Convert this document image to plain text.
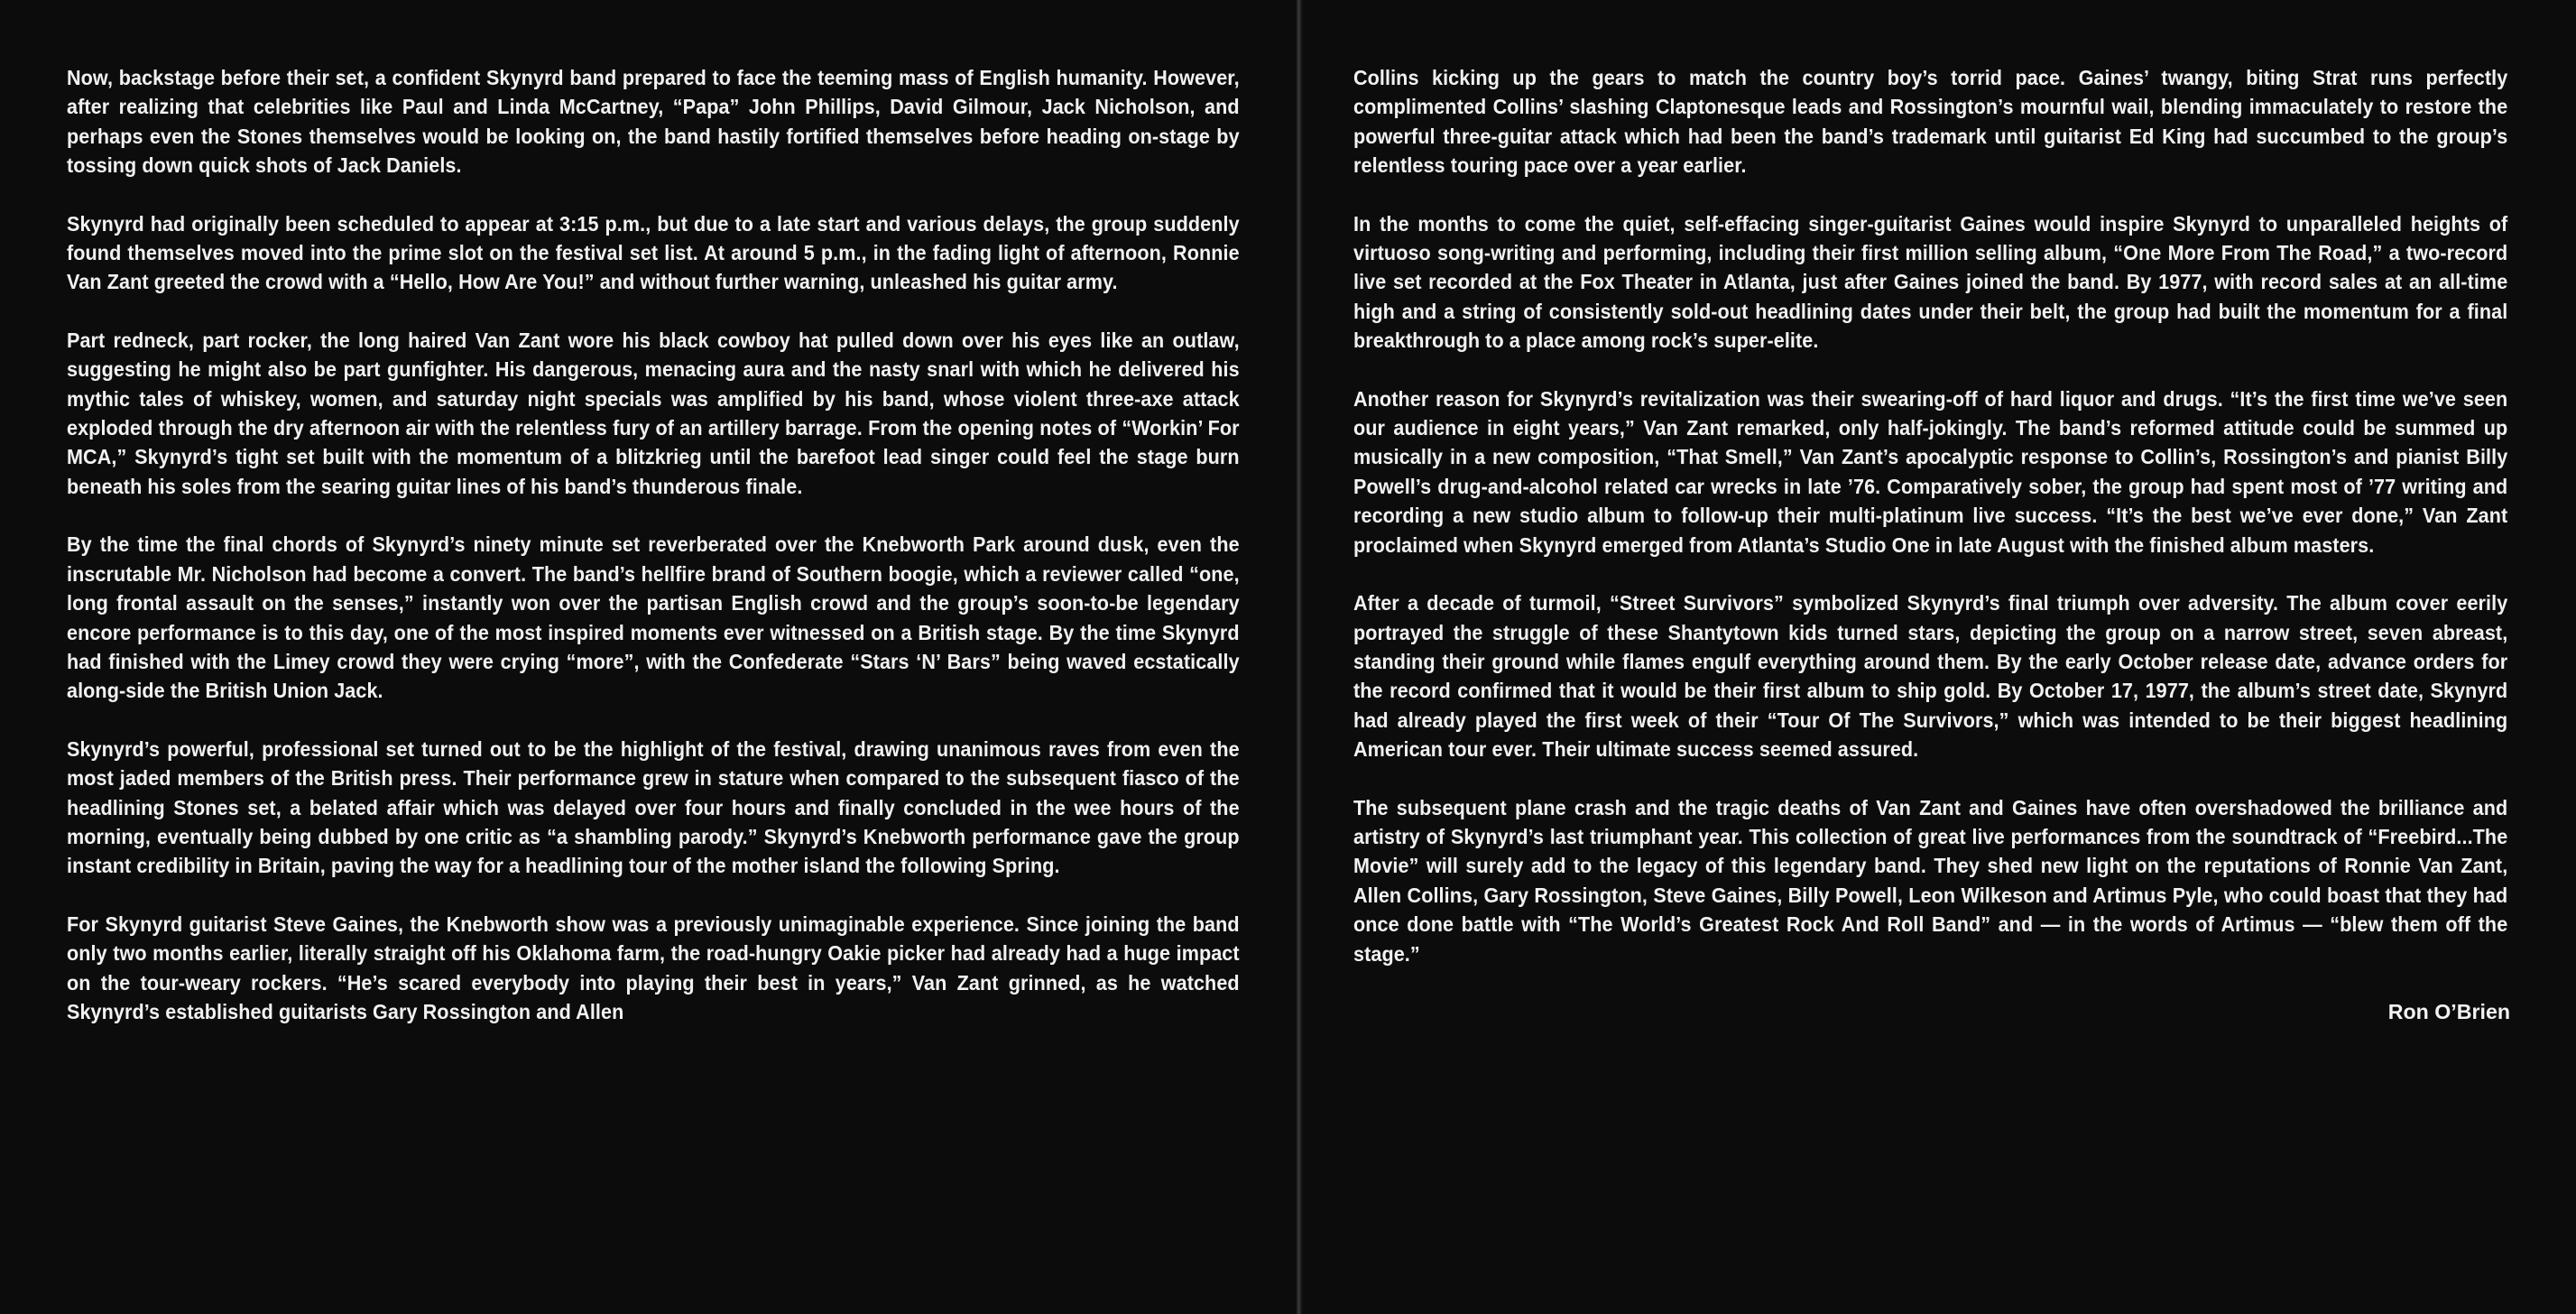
Now, backstage before their set, a confident Skynyrd band prepared to face the teeming mass of English humanity. However, after realizing that celebrities like Paul and Linda McCartney, “Papa” John Phillips, David Gilmour, Jack Nicholson, and perhaps even the Stones themselves would be looking on, the band hastily fortified themselves before heading on-stage by tossing down quick shots of Jack Daniels.

Skynyrd had originally been scheduled to appear at 3:15 p.m., but due to a late start and various delays, the group suddenly found themselves moved into the prime slot on the festival set list. At around 5 p.m., in the fading light of afternoon, Ronnie Van Zant greeted the crowd with a “Hello, How Are You!” and without further warning, unleashed his guitar army.

Part redneck, part rocker, the long haired Van Zant wore his black cowboy hat pulled down over his eyes like an outlaw, suggesting he might also be part gunfighter. His dangerous, menacing aura and the nasty snarl with which he delivered his mythic tales of whiskey, women, and saturday night specials was amplified by his band, whose violent three-axe attack exploded through the dry afternoon air with the relentless fury of an artillery barrage. From the opening notes of “Workin’ For MCA,” Skynyrd’s tight set built with the momentum of a blitzkrieg until the barefoot lead singer could feel the stage burn beneath his soles from the searing guitar lines of his band’s thunderous finale.

By the time the final chords of Skynyrd’s ninety minute set reverberated over the Knebworth Park around dusk, even the inscrutable Mr. Nicholson had become a convert. The band’s hellfire brand of Southern boogie, which a reviewer called “one, long frontal assault on the senses,” instantly won over the partisan English crowd and the group’s soon-to-be legendary encore performance is to this day, one of the most inspired moments ever witnessed on a British stage. By the time Skynyrd had finished with the Limey crowd they were crying “more”, with the Confederate “Stars ‘N’ Bars” being waved ecstatically along-side the British Union Jack.

Skynyrd’s powerful, professional set turned out to be the highlight of the festival, drawing unanimous raves from even the most jaded members of the British press. Their performance grew in stature when compared to the subsequent fiasco of the headlining Stones set, a belated affair which was delayed over four hours and finally concluded in the wee hours of the morning, eventually being dubbed by one critic as “a shambling parody.” Skynyrd’s Knebworth performance gave the group instant credibility in Britain, paving the way for a headlining tour of the mother island the following Spring.

For Skynyrd guitarist Steve Gaines, the Knebworth show was a previously unimaginable experience. Since joining the band only two months earlier, literally straight off his Oklahoma farm, the road-hungry Oakie picker had already had a huge impact on the tour-weary rockers. “He’s scared everybody into playing their best in years,” Van Zant grinned, as he watched Skynyrd’s established guitarists Gary Rossington and Allen

Collins kicking up the gears to match the country boy’s torrid pace. Gaines’ twangy, biting Strat runs perfectly complimented Collins’ slashing Claptonesque leads and Rossington’s mournful wail, blending immaculately to restore the powerful three-guitar attack which had been the band’s trademark until guitarist Ed King had succumbed to the group’s relentless touring pace over a year earlier.

In the months to come the quiet, self-effacing singer-guitarist Gaines would inspire Skynyrd to unparalleled heights of virtuoso song-writing and performing, including their first million selling album, “One More From The Road,” a two-record live set recorded at the Fox Theater in Atlanta, just after Gaines joined the band. By 1977, with record sales at an all-time high and a string of consistently sold-out headlining dates under their belt, the group had built the momentum for a final breakthrough to a place among rock’s super-elite.

Another reason for Skynyrd’s revitalization was their swearing-off of hard liquor and drugs. “It’s the first time we’ve seen our audience in eight years,” Van Zant remarked, only half-jokingly. The band’s reformed attitude could be summed up musically in a new composition, “That Smell,” Van Zant’s apocalyptic response to Collin’s, Rossington’s and pianist Billy Powell’s drug-and-alcohol related car wrecks in late ’76. Comparatively sober, the group had spent most of ’77 writing and recording a new studio album to follow-up their multi-platinum live success. “It’s the best we’ve ever done,” Van Zant proclaimed when Skynyrd emerged from Atlanta’s Studio One in late August with the finished album masters.

After a decade of turmoil, “Street Survivors” symbolized Skynyrd’s final triumph over adversity. The album cover eerily portrayed the struggle of these Shantytown kids turned stars, depicting the group on a narrow street, seven abreast, standing their ground while flames engulf everything around them. By the early October release date, advance orders for the record confirmed that it would be their first album to ship gold. By October 17, 1977, the album’s street date, Skynyrd had already played the first week of their “Tour Of The Survivors,” which was intended to be their biggest headlining American tour ever. Their ultimate success seemed assured.

The subsequent plane crash and the tragic deaths of Van Zant and Gaines have often overshadowed the brilliance and artistry of Skynyrd’s last triumphant year. This collection of great live performances from the soundtrack of “Freebird...The Movie” will surely add to the legacy of this legendary band. They shed new light on the reputations of Ronnie Van Zant, Allen Collins, Gary Rossington, Steve Gaines, Billy Powell, Leon Wilkeson and Artimus Pyle, who could boast that they had once done battle with “The World’s Greatest Rock And Roll Band” and — in the words of Artimus — “blew them off the stage.”

Ron O’Brien
